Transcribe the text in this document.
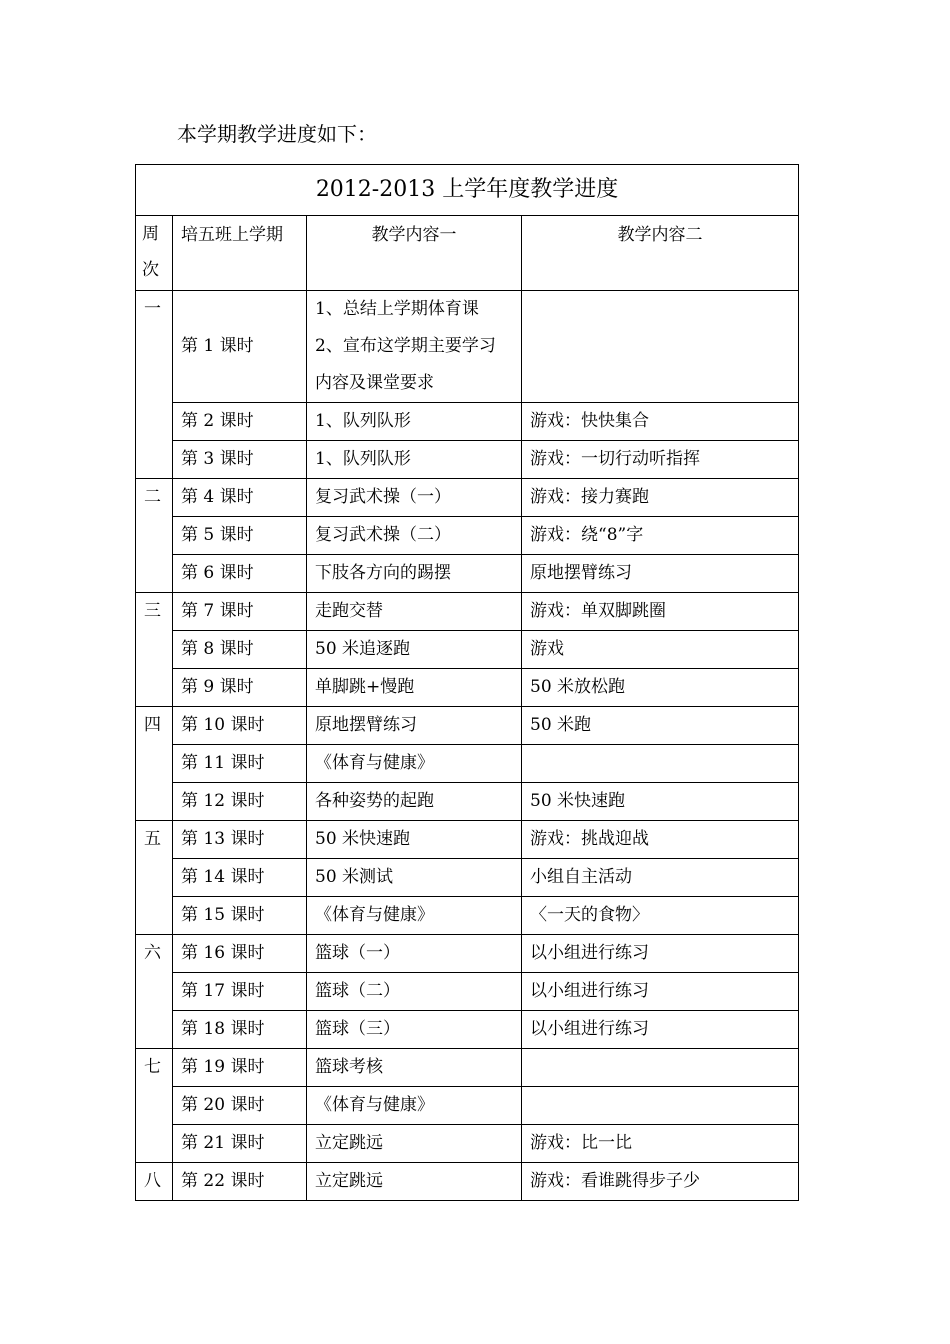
本学期教学进度如下：

2012-2013 上学年度教学进度			

周
次	培五班上学期	教学内容一	教学内容二
一	第 1 课时	1、总结上学期体育课
2、宣布这学期主要学习
内容及课堂要求	

	第 2 课时	1、队列队形	游戏：快快集合
	第 3 课时	1、队列队形	游戏：一切行动听指挥
二	第 4 课时	复习武术操（一）	游戏：接力赛跑
	第 5 课时	复习武术操（二）	游戏：绕“8”字
	第 6 课时	下肢各方向的踢摆	原地摆臂练习
三	第 7 课时	走跑交替	游戏：单双脚跳圈
	第 8 课时	50 米追逐跑	游戏
	第 9 课时	单脚跳+慢跑	50 米放松跑
四	第 10 课时	原地摆臂练习	50 米跑
	第 11 课时	《体育与健康》	
	第 12 课时	各种姿势的起跑	50 米快速跑
五	第 13 课时	50 米快速跑	游戏：挑战迎战
	第 14 课时	50 米测试	小组自主活动
	第 15 课时	《体育与健康》	〈一天的食物〉
六	第 16 课时	篮球（一）	以小组进行练习
	第 17 课时	篮球（二）	以小组进行练习
	第 18 课时	篮球（三）	以小组进行练习
七	第 19 课时	篮球考核	
	第 20 课时	《体育与健康》	
	第 21 课时	立定跳远	游戏：比一比
八	第 22 课时	立定跳远	游戏：看谁跳得步子少
